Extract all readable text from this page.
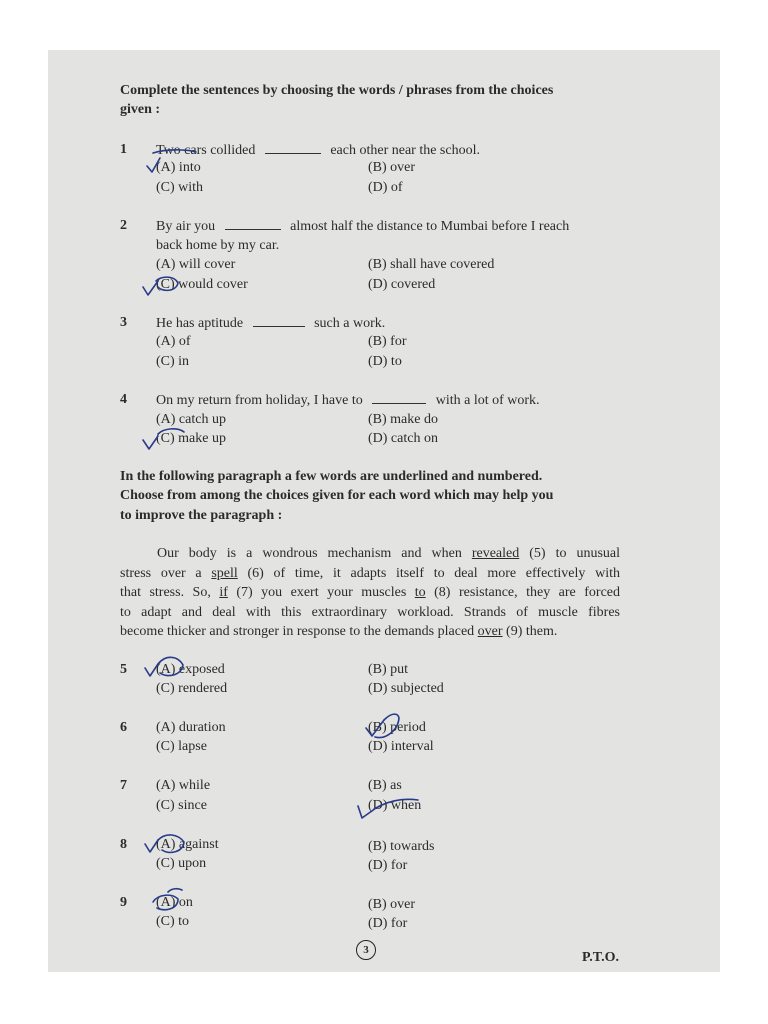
Complete the sentences by choosing the words / phrases from the choices
given :
1 Two cars collided	each other near the school.
(A) into	(B) over
(C) with	(D) of
2 By air you	almost half the distance to Mumbai before I reach
back home by my car.
(A) will cover	(B) shall have covered
(C) would cover	(D) covered
3 He has aptitude	such a work.
(A) of	(B) for
(C) in	(D) to
4 On my return from holiday, I have to	with a lot of work.
(A) catch up	(B) make do
(C) make up	(D) catch on
In the following paragraph a few words are underlined and numbered.
Choose from among the choices given for each word which may help you
to improve the paragraph :
Our body is a wondrous mechanism and when revealed (5) to unusual
stress over a spell (6) of time, it adapts itself to deal more effectively with
that stress. So, if (7) you exert your muscles to (8) resistance, they are forced
to adapt and deal with this extraordinary workload. Strands of muscle fibres
become thicker and stronger in response to the demands placed over (9) them.
5 (A) exposed	(B) put
(C) rendered	(D) subjected
6 (A) duration	(B) period
(C) lapse	(D) interval
7 (A) while	(B) as
(C) since	(D) when
8 (A) against	(B) towards
(C) upon	(D) for
9 (A) on	(B) over
(C) to	(D) for
3	P.T.O.
